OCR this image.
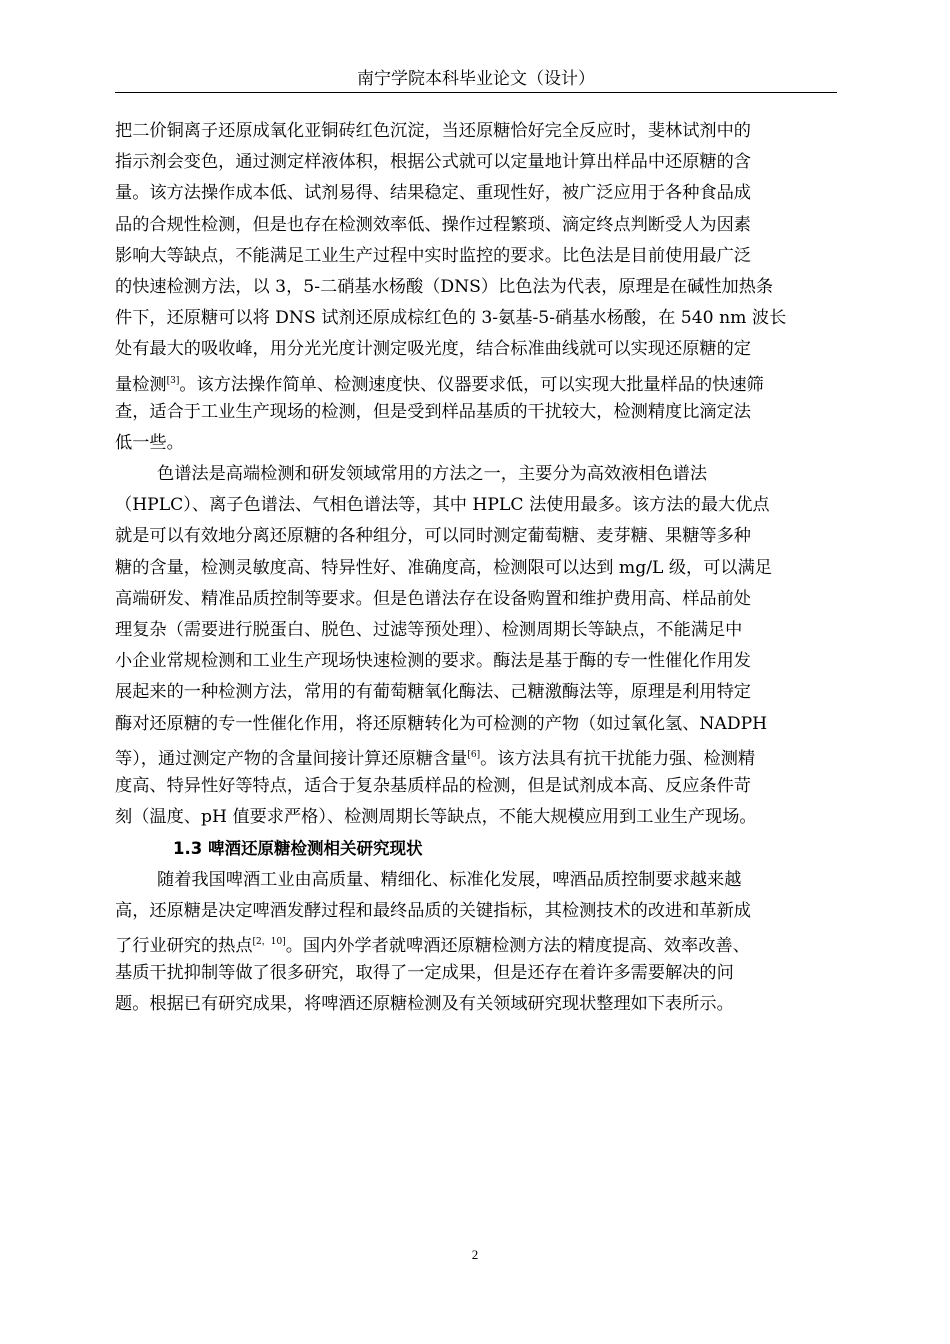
南宁学院本科毕业论文（设计）

把二价铜离子还原成氧化亚铜砖红色沉淀，当还原糖恰好完全反应时，斐林试剂中的

指示剂会变色，通过测定样液体积，根据公式就可以定量地计算出样品中还原糖的含

量。该方法操作成本低、试剂易得、结果稳定、重现性好，被广泛应用于各种食品成

品的合规性检测，但是也存在检测效率低、操作过程繁琐、滴定终点判断受人为因素

影响大等缺点，不能满足工业生产过程中实时监控的要求。比色法是目前使用最广泛

的快速检测方法，以 3，5-二硝基水杨酸（DNS）比色法为代表，原理是在碱性加热条

件下，还原糖可以将 DNS 试剂还原成棕红色的 3-氨基-5-硝基水杨酸，在 540 nm 波长

处有最大的吸收峰，用分光光度计测定吸光度，结合标准曲线就可以实现还原糖的定

量检测[3]。该方法操作简单、检测速度快、仪器要求低，可以实现大批量样品的快速筛

查，适合于工业生产现场的检测，但是受到样品基质的干扰较大，检测精度比滴定法

低一些。

色谱法是高端检测和研发领域常用的方法之一，主要分为高效液相色谱法

（HPLC）、离子色谱法、气相色谱法等，其中 HPLC 法使用最多。该方法的最大优点

就是可以有效地分离还原糖的各种组分，可以同时测定葡萄糖、麦芽糖、果糖等多种

糖的含量，检测灵敏度高、特异性好、准确度高，检测限可以达到 mg/L 级，可以满足

高端研发、精准品质控制等要求。但是色谱法存在设备购置和维护费用高、样品前处

理复杂（需要进行脱蛋白、脱色、过滤等预处理）、检测周期长等缺点，不能满足中

小企业常规检测和工业生产现场快速检测的要求。酶法是基于酶的专一性催化作用发

展起来的一种检测方法，常用的有葡萄糖氧化酶法、己糖激酶法等，原理是利用特定

酶对还原糖的专一性催化作用，将还原糖转化为可检测的产物（如过氧化氢、NADPH

等），通过测定产物的含量间接计算还原糖含量[6]。该方法具有抗干扰能力强、检测精

度高、特异性好等特点，适合于复杂基质样品的检测，但是试剂成本高、反应条件苛

刻（温度、pH 值要求严格）、检测周期长等缺点，不能大规模应用到工业生产现场。

1.3 啤酒还原糖检测相关研究现状

随着我国啤酒工业由高质量、精细化、标准化发展，啤酒品质控制要求越来越

高，还原糖是决定啤酒发酵过程和最终品质的关键指标，其检测技术的改进和革新成

了行业研究的热点[2，10]。国内外学者就啤酒还原糖检测方法的精度提高、效率改善、

基质干扰抑制等做了很多研究，取得了一定成果，但是还存在着许多需要解决的问

题。根据已有研究成果，将啤酒还原糖检测及有关领域研究现状整理如下表所示。

2
